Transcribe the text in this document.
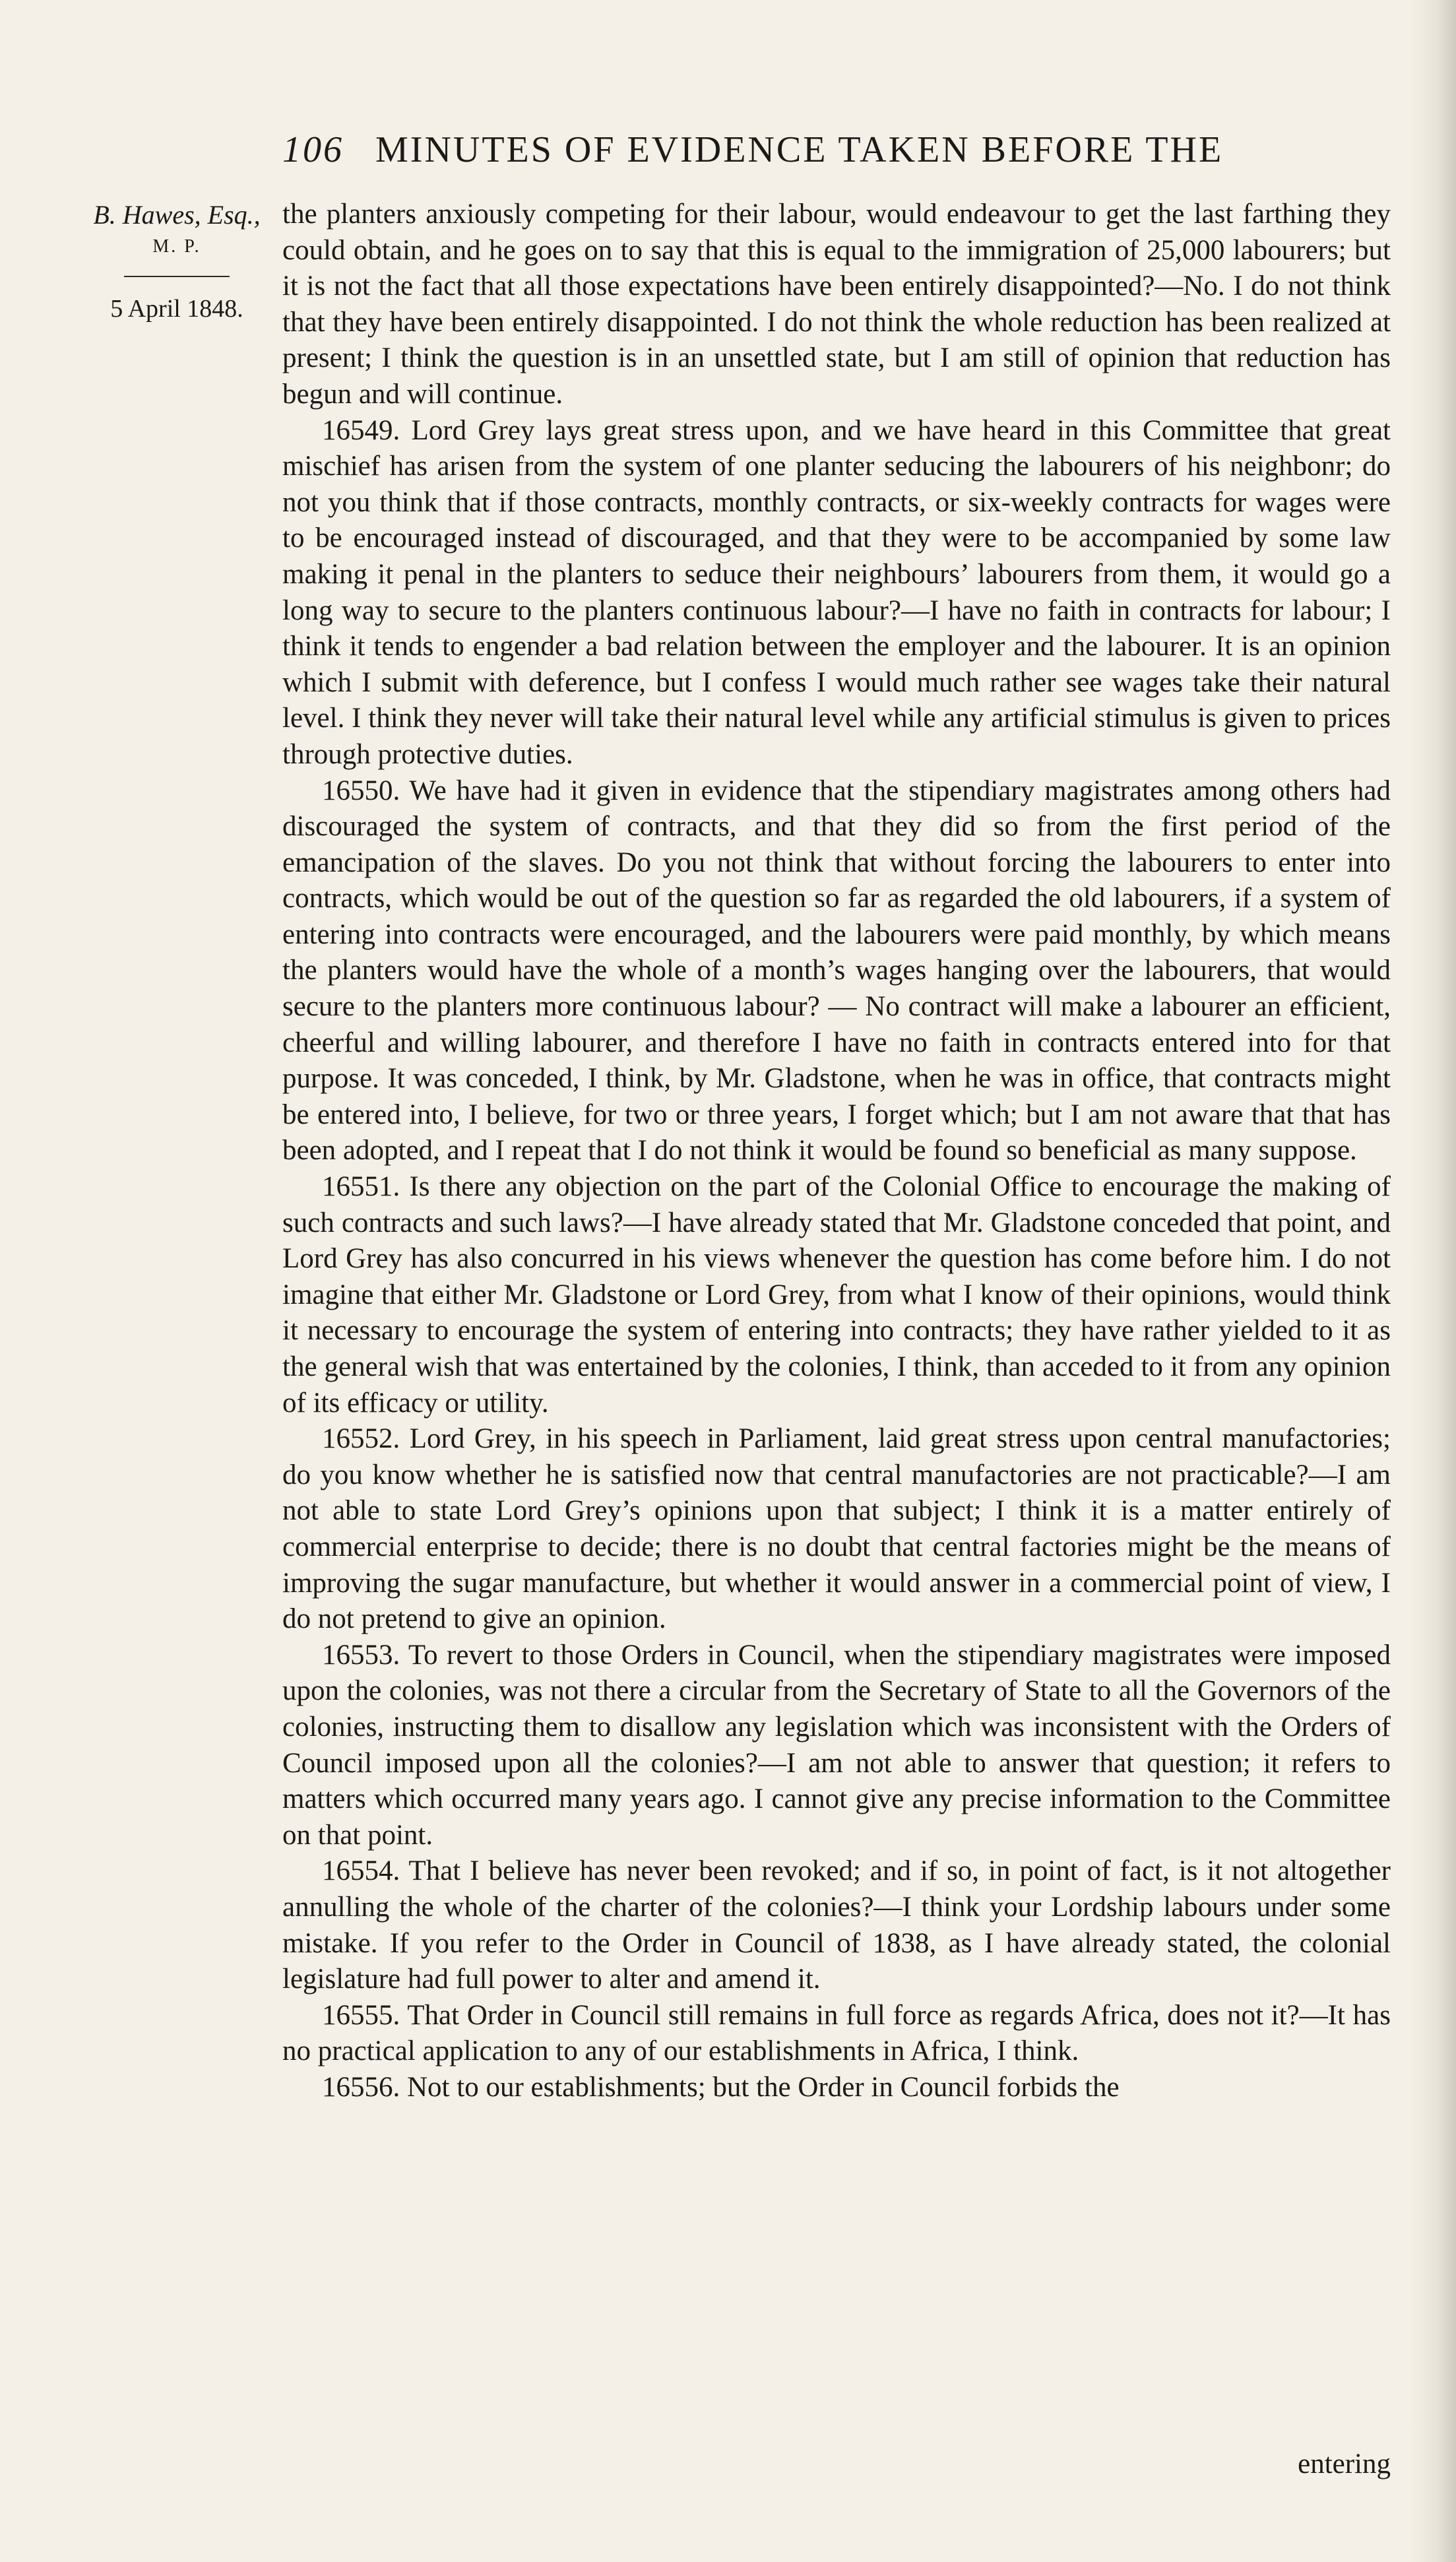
106 MINUTES OF EVIDENCE TAKEN BEFORE THE
B. Hawes, Esq.,
M. P.
5 April 1848.

the planters anxiously competing for their labour, would endeavour to get the last farthing they could obtain, and he goes on to say that this is equal to the immigration of 25,000 labourers; but it is not the fact that all those expectations have been entirely disappointed?—No. I do not think that they have been entirely disappointed. I do not think the whole reduction has been realized at present; I think the question is in an unsettled state, but I am still of opinion that reduction has begun and will continue.

16549. Lord Grey lays great stress upon, and we have heard in this Committee that great mischief has arisen from the system of one planter seducing the labourers of his neighbonr; do not you think that if those contracts, monthly contracts, or six-weekly contracts for wages were to be encouraged instead of discouraged, and that they were to be accompanied by some law making it penal in the planters to seduce their neighbours’ labourers from them, it would go a long way to secure to the planters continuous labour?—I have no faith in contracts for labour; I think it tends to engender a bad relation between the employer and the labourer. It is an opinion which I submit with deference, but I confess I would much rather see wages take their natural level. I think they never will take their natural level while any artificial stimulus is given to prices through protective duties.

16550. We have had it given in evidence that the stipendiary magistrates among others had discouraged the system of contracts, and that they did so from the first period of the emancipation of the slaves. Do you not think that without forcing the labourers to enter into contracts, which would be out of the question so far as regarded the old labourers, if a system of entering into contracts were encouraged, and the labourers were paid monthly, by which means the planters would have the whole of a month’s wages hanging over the labourers, that would secure to the planters more continuous labour? — No contract will make a labourer an efficient, cheerful and willing labourer, and therefore I have no faith in contracts entered into for that purpose. It was conceded, I think, by Mr. Gladstone, when he was in office, that contracts might be entered into, I believe, for two or three years, I forget which; but I am not aware that that has been adopted, and I repeat that I do not think it would be found so beneficial as many suppose.

16551. Is there any objection on the part of the Colonial Office to encourage the making of such contracts and such laws?—I have already stated that Mr. Gladstone conceded that point, and Lord Grey has also concurred in his views whenever the question has come before him. I do not imagine that either Mr. Gladstone or Lord Grey, from what I know of their opinions, would think it necessary to encourage the system of entering into contracts; they have rather yielded to it as the general wish that was entertained by the colonies, I think, than acceded to it from any opinion of its efficacy or utility.

16552. Lord Grey, in his speech in Parliament, laid great stress upon central manufactories; do you know whether he is satisfied now that central manufactories are not practicable?—I am not able to state Lord Grey’s opinions upon that subject; I think it is a matter entirely of commercial enterprise to decide; there is no doubt that central factories might be the means of improving the sugar manufacture, but whether it would answer in a commercial point of view, I do not pretend to give an opinion.

16553. To revert to those Orders in Council, when the stipendiary magistrates were imposed upon the colonies, was not there a circular from the Secretary of State to all the Governors of the colonies, instructing them to disallow any legislation which was inconsistent with the Orders of Council imposed upon all the colonies?—I am not able to answer that question; it refers to matters which occurred many years ago. I cannot give any precise information to the Committee on that point.

16554. That I believe has never been revoked; and if so, in point of fact, is it not altogether annulling the whole of the charter of the colonies?—I think your Lordship labours under some mistake. If you refer to the Order in Council of 1838, as I have already stated, the colonial legislature had full power to alter and amend it.

16555. That Order in Council still remains in full force as regards Africa, does not it?—It has no practical application to any of our establishments in Africa, I think.

16556. Not to our establishments; but the Order in Council forbids the

entering
